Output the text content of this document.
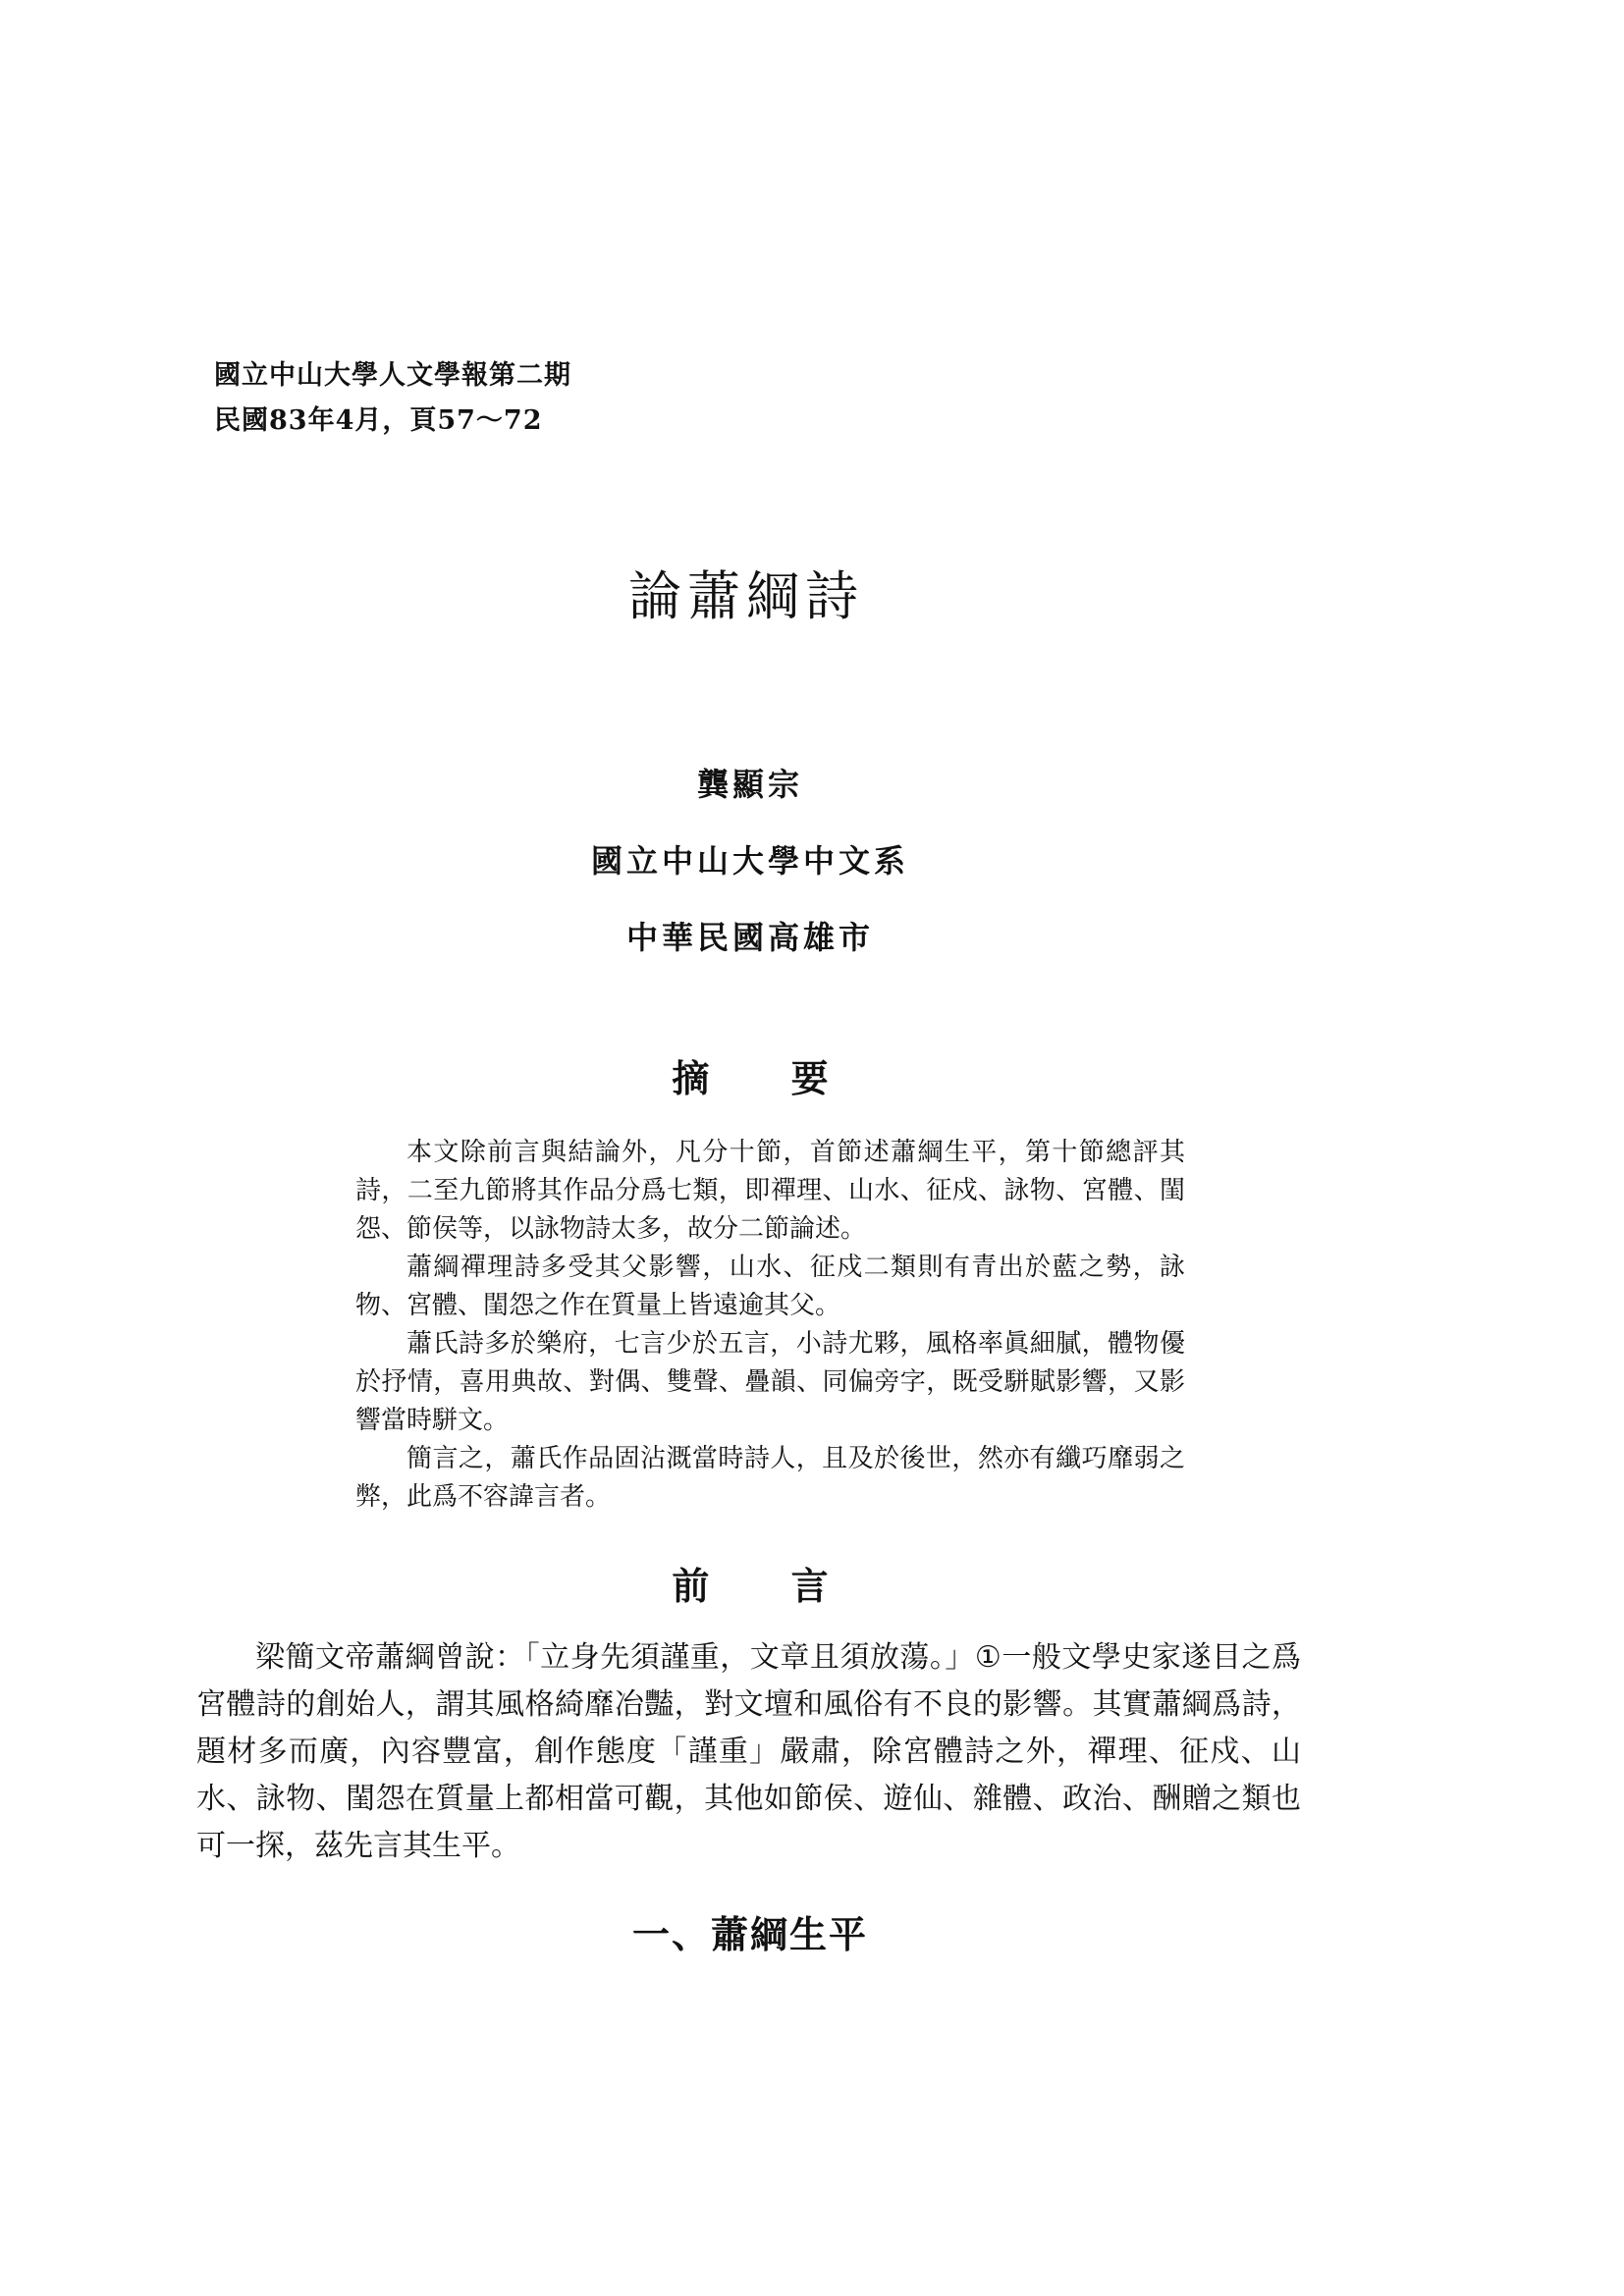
國立中山大學人文學報第二期
民國83年4月，頁57～72
論蕭綱詩
龔顯宗
國立中山大學中文系
中華民國高雄市
摘 要

本文除前言與結論外，凡分十節，首節述蕭綱生平，第十節總評其詩，二至九節將其作品分爲七類，即禪理、山水、征戍、詠物、宮體、閨怨、節侯等，以詠物詩太多，故分二節論述。

蕭綱禪理詩多受其父影響，山水、征戍二類則有青出於藍之勢，詠物、宮體、閨怨之作在質量上皆遠逾其父。

蕭氏詩多於樂府，七言少於五言，小詩尤夥，風格率眞細膩，體物優於抒情，喜用典故、對偶、雙聲、疊韻、同偏旁字，既受駢賦影響，又影響當時駢文。

簡言之，蕭氏作品固沾溉當時詩人，且及於後世，然亦有纖巧靡弱之弊，此爲不容諱言者。

前 言

梁簡文帝蕭綱曾說：「立身先須謹重，文章且須放蕩。」①一般文學史家遂目之爲宮體詩的創始人，謂其風格綺靡冶豔，對文壇和風俗有不良的影響。其實蕭綱爲詩，題材多而廣，內容豐富，創作態度「謹重」嚴肅，除宮體詩之外，禪理、征戍、山水、詠物、閨怨在質量上都相當可觀，其他如節侯、遊仙、雜體、政治、酬贈之類也可一探，茲先言其生平。

一、蕭綱生平
